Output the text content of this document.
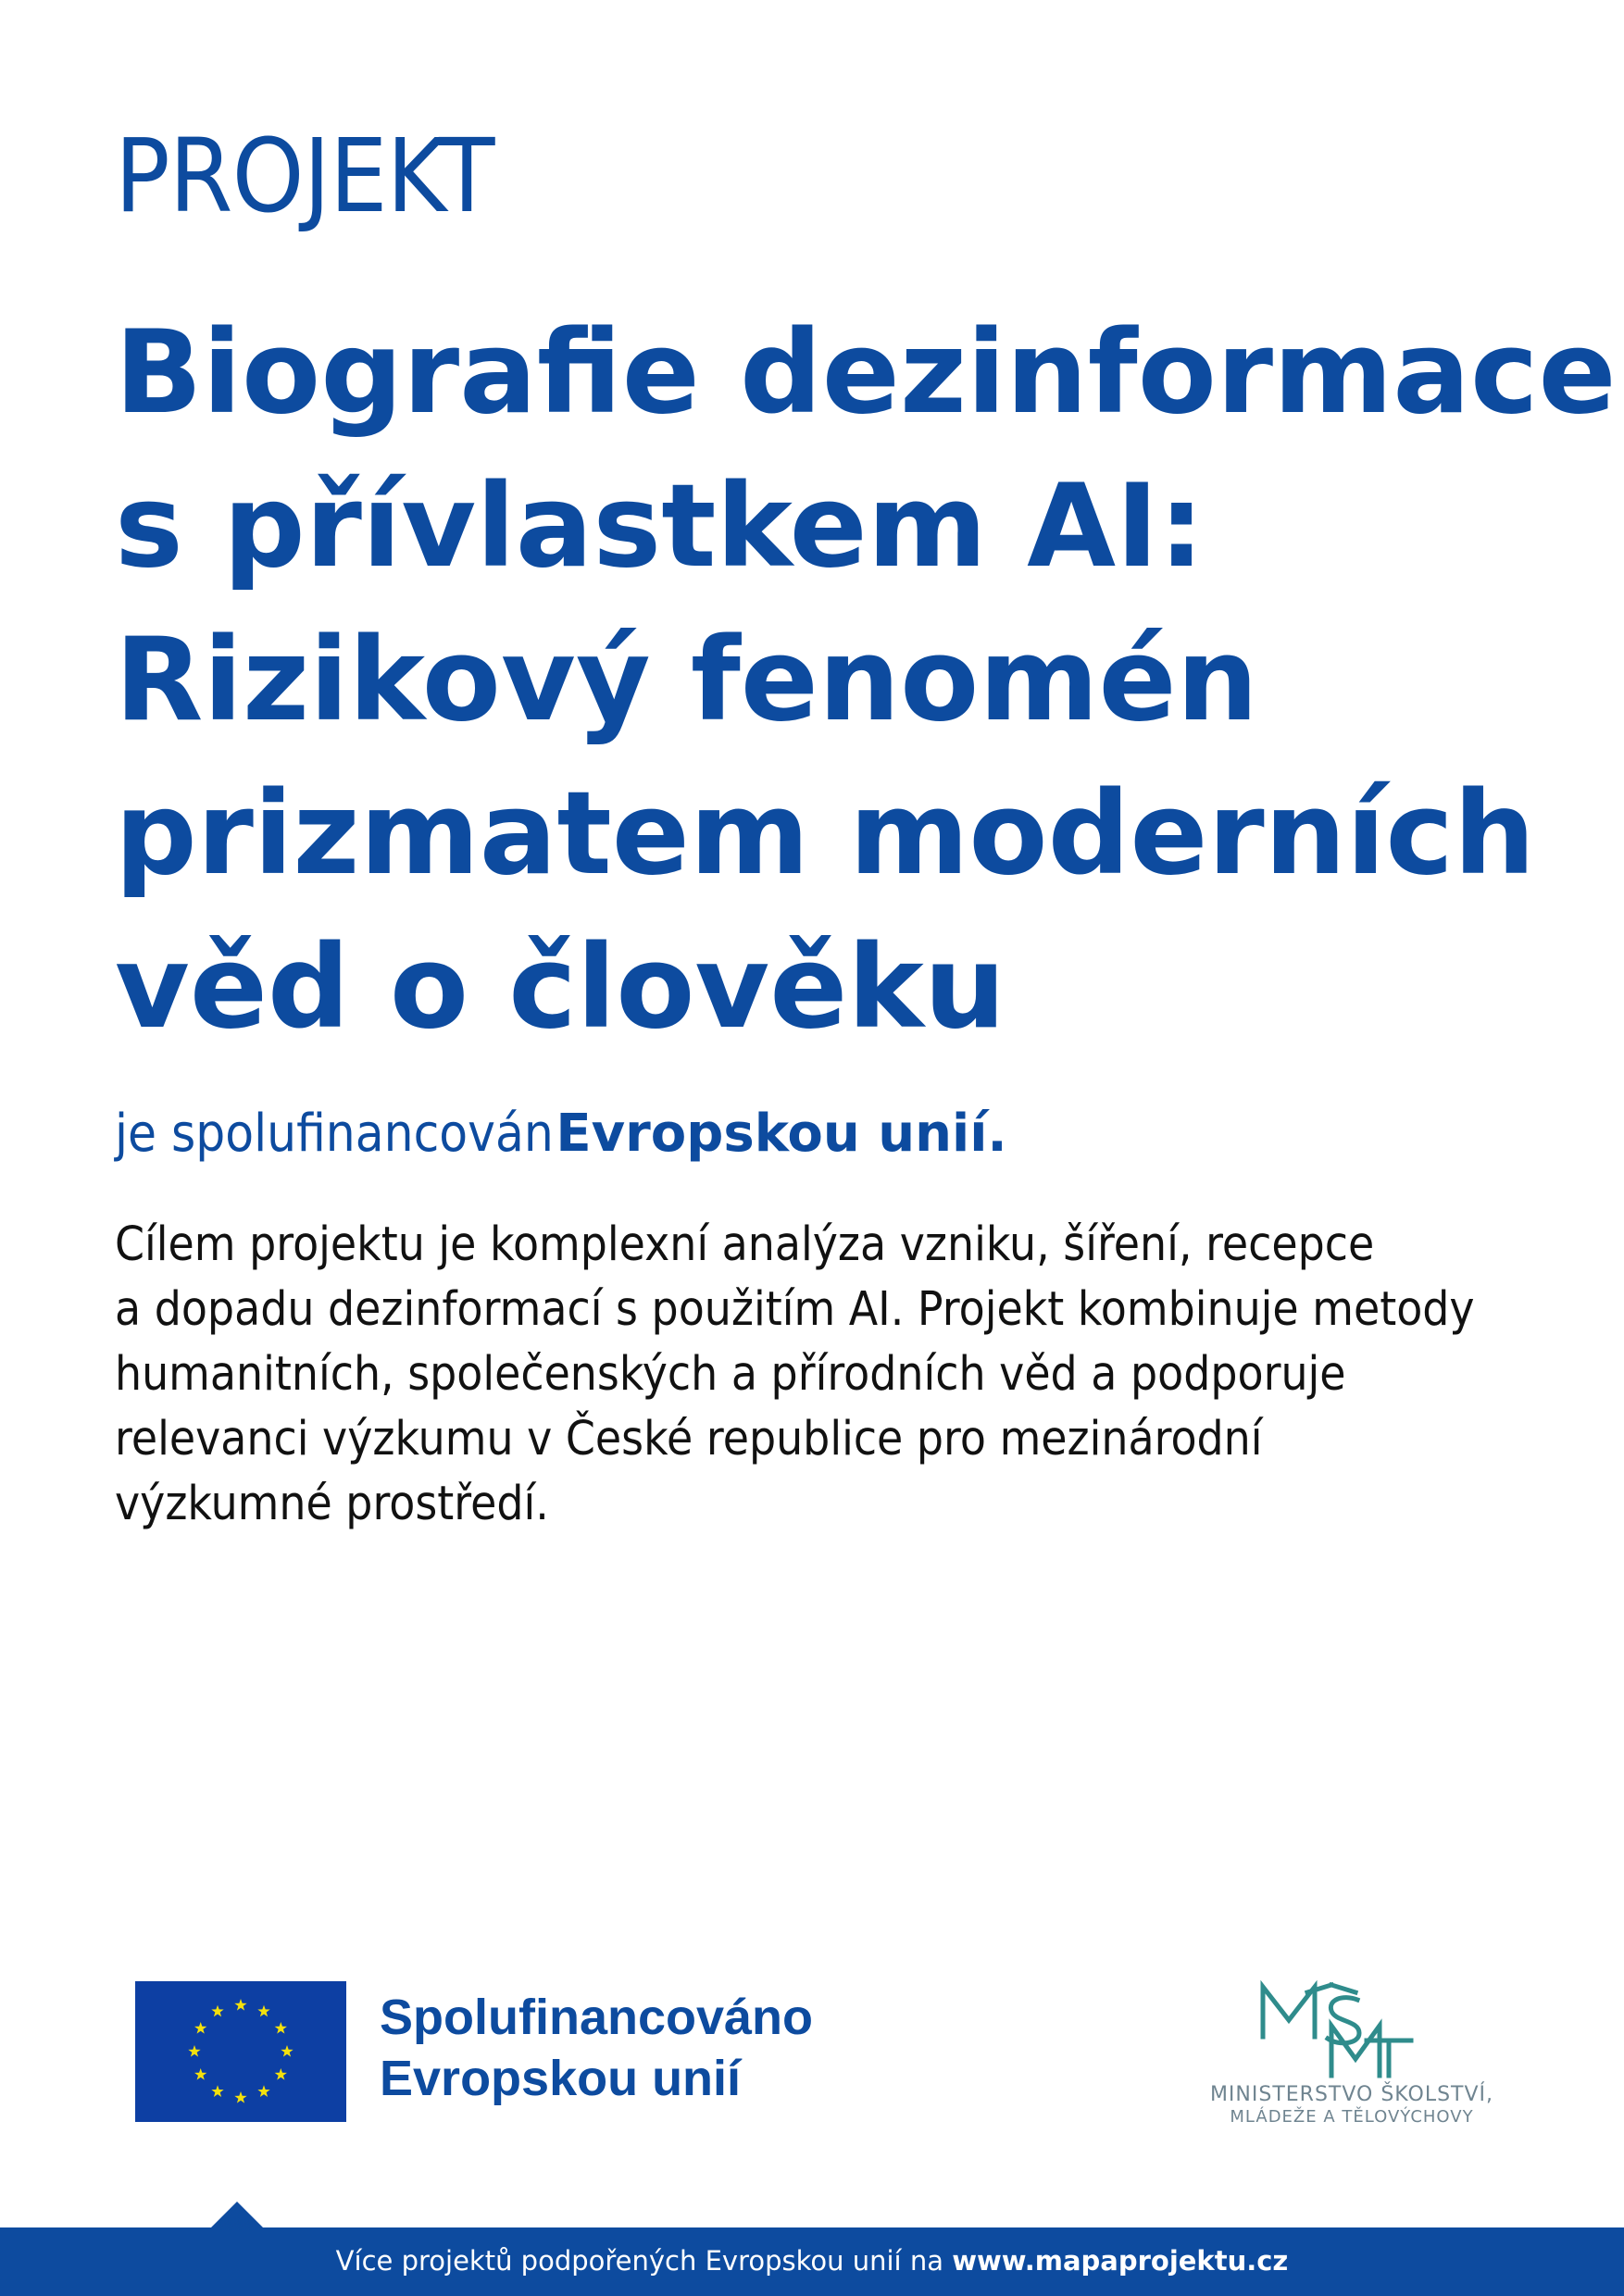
PROJEKT
Biografie dezinformace
s přívlastkem AI:
Rizikový fenomén
prizmatem moderních
věd o člověku

je spolufinancovánEvropskou unií.

Cílem projektu je komplexní analýza vzniku, šíření, recepce
a dopadu dezinformací s použitím AI. Projekt kombinuje metody
humanitních, společenských a přírodních věd a podporuje
relevanci výzkumu v České republice pro mezinárodní
výzkumné prostředí.

Spolufinancováno
Evropskou unií	MINISTERSTVO ŠKOLSTVÍ,
MLÁDEŽE A TĚLOVÝCHOVY
Více projektů podpořených Evropskou unií na www.mapaprojektu.cz
